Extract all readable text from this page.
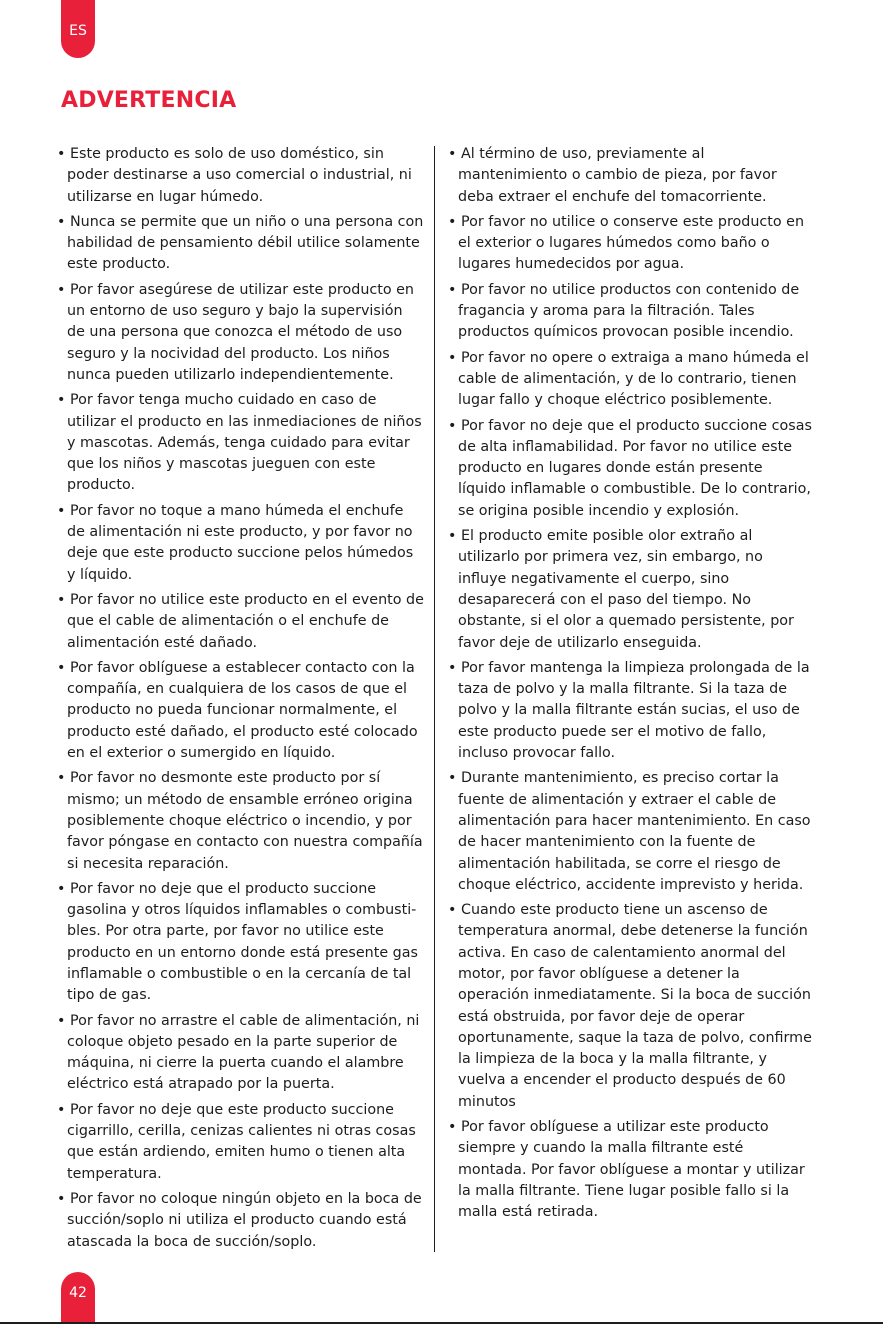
ES
ADVERTENCIA
• Este producto es solo de uso doméstico, sin poder destinarse a uso comercial o industrial, ni utilizarse en lugar húmedo.
• Nunca se permite que un niño o una persona con habilidad de pensamiento débil utilice solamente este producto.
• Por favor asegúrese de utilizar este producto en un entorno de uso seguro y bajo la supervisión de una persona que conozca el método de uso seguro y la nocividad del producto. Los niños nunca pueden utilizarlo independientemente.
• Por favor tenga mucho cuidado en caso de utilizar el producto en las inmediaciones de niños y mascotas. Además, tenga cuidado para evitar que los niños y mascotas jueguen con este producto.
• Por favor no toque a mano húmeda el enchufe de alimentación ni este producto, y por favor no deje que este producto succione pelos húmedos y líquido.
• Por favor no utilice este producto en el evento de que el cable de alimentación o el enchufe de alimentación esté dañado.
• Por favor oblíguese a establecer contacto con la compañía, en cualquiera de los casos de que el producto no pueda funcionar normalmente, el producto esté dañado, el producto esté colocado en el exterior o sumergido en líquido.
• Por favor no desmonte este producto por sí mismo; un método de ensamble erróneo origina posiblemente choque eléctrico o incendio, y por favor póngase en contacto con nuestra compañía si necesita reparación.
• Por favor no deje que el producto succione gasolina y otros líquidos inflamables o combusti-bles. Por otra parte, por favor no utilice este producto en un entorno donde está presente gas inflamable o combustible o en la cercanía de tal tipo de gas.
• Por favor no arrastre el cable de alimentación, ni coloque objeto pesado en la parte superior de máquina, ni cierre la puerta cuando el alambre eléctrico está atrapado por la puerta.
• Por favor no deje que este producto succione cigarrillo, cerilla, cenizas calientes ni otras cosas que están ardiendo, emiten humo o tienen alta temperatura.
• Por favor no coloque ningún objeto en la boca de succión/soplo ni utiliza el producto cuando está atascada la boca de succión/soplo.
• Al término de uso, previamente al mantenimiento o cambio de pieza, por favor deba extraer el enchufe del tomacorriente.
• Por favor no utilice o conserve este producto en el exterior o lugares húmedos como baño o lugares humedecidos por agua.
• Por favor no utilice productos con contenido de fragancia y aroma para la filtración. Tales productos químicos provocan posible incendio.
• Por favor no opere o extraiga a mano húmeda el cable de alimentación, y de lo contrario, tienen lugar fallo y choque eléctrico posiblemente.
• Por favor no deje que el producto succione cosas de alta inflamabilidad. Por favor no utilice este producto en lugares donde están presente líquido inflamable o combustible. De lo contrario, se origina posible incendio y explosión.
• El producto emite posible olor extraño al utilizarlo por primera vez, sin embargo, no influye negativamente el cuerpo, sino desaparecerá con el paso del tiempo. No obstante, si el olor a quemado persistente, por favor deje de utilizarlo enseguida.
• Por favor mantenga la limpieza prolongada de la taza de polvo y la malla filtrante. Si la taza de polvo y la malla filtrante están sucias, el uso de este producto puede ser el motivo de fallo, incluso provocar fallo.
• Durante mantenimiento, es preciso cortar la fuente de alimentación y extraer el cable de alimentación para hacer mantenimiento. En caso de hacer mantenimiento con la fuente de alimentación habilitada, se corre el riesgo de choque eléctrico, accidente imprevisto y herida.
• Cuando este producto tiene un ascenso de temperatura anormal, debe detenerse la función activa. En caso de calentamiento anormal del motor, por favor oblíguese a detener la operación inmediatamente. Si la boca de succión está obstruida, por favor deje de operar oportunamente, saque la taza de polvo, confirme la limpieza de la boca y la malla filtrante, y vuelva a encender el producto después de 60 minutos
• Por favor oblíguese a utilizar este producto siempre y cuando la malla filtrante esté montada. Por favor oblíguese a montar y utilizar la malla filtrante. Tiene lugar posible fallo si la malla está retirada.
42
